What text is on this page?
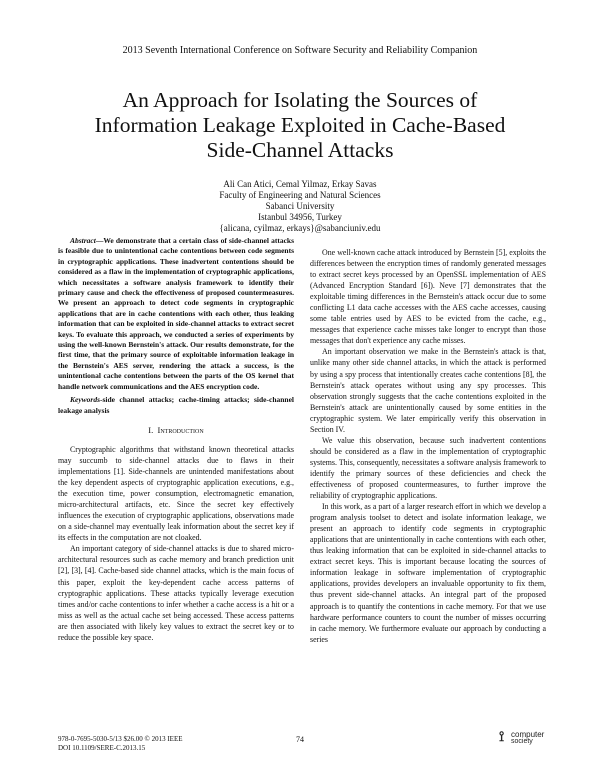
2013 Seventh International Conference on Software Security and Reliability Companion
An Approach for Isolating the Sources of
Information Leakage Exploited in Cache-Based
Side-Channel Attacks
Ali Can Atici, Cemal Yilmaz, Erkay Savas
Faculty of Engineering and Natural Sciences
Sabanci University
Istanbul 34956, Turkey
{alicana, cyilmaz, erkays}@sabanciuniv.edu

Abstract—We demonstrate that a certain class of side-channel attacks is feasible due to unintentional cache contentions between code segments in cryptographic applications. These inadvertent contentions should be considered as a flaw in the implementation of cryptographic applications, which necessitates a software analysis framework to identify their primary cause and check the effectiveness of proposed countermeasures. We present an approach to detect code segments in cryptographic applications that are in cache contentions with each other, thus leaking information that can be exploited in side-channel attacks to extract secret keys. To evaluate this approach, we conducted a series of experiments by using the well-known Bernstein's attack. Our results demonstrate, for the first time, that the primary source of exploitable information leakage in the Bernstein's AES server, rendering the attack a success, is the unintentional cache contentions between the parts of the OS kernel that handle network communications and the AES encryption code.

Keywords-side channel attacks; cache-timing attacks; side-channel leakage analysis

I. Introduction

Cryptographic algorithms that withstand known theoretical attacks may succumb to side-channel attacks due to flaws in their implementations [1]. Side-channels are unintended manifestations about the key dependent aspects of cryptographic application executions, e.g., the execution time, power consumption, electromagnetic emanation, micro-architectural artifacts, etc. Since the secret key effectively influences the execution of cryptographic applications, observations made on a side-channel may eventually leak information about the secret key if its effects in the computation are not cloaked.

An important category of side-channel attacks is due to shared micro-architectural resources such as cache memory and branch prediction unit [2], [3], [4]. Cache-based side channel attacks, which is the main focus of this paper, exploit the key-dependent cache access patterns of cryptographic applications. These attacks typically leverage execution times and/or cache contentions to infer whether a cache access is a hit or a miss as well as the actual cache set being accessed. These access patterns are then associated with likely key values to extract the secret key or to reduce the possible key space.

One well-known cache attack introduced by Bernstein [5], exploits the differences between the encryption times of randomly generated messages to extract secret keys processed by an OpenSSL implementation of AES (Advanced Encryption Standard [6]). Neve [7] demonstrates that the exploitable timing differences in the Bernstein's attack occur due to some conflicting L1 data cache accesses with the AES cache accesses, causing some table entries used by AES to be evicted from the cache, e.g., messages that experience cache misses take longer to encrypt than those messages that don't experience any cache misses.

An important observation we make in the Bernstein's attack is that, unlike many other side channel attacks, in which the attack is performed by using a spy process that intentionally creates cache contentions [8], the Bernstein's attack operates without using any spy processes. This observation strongly suggests that the cache contentions exploited in the Bernstein's attack are unintentionally caused by some entities in the cryptographic system. We later empirically verify this observation in Section IV.

We value this observation, because such inadvertent contentions should be considered as a flaw in the implementation of cryptographic systems. This, consequently, necessitates a software analysis framework to identify the primary sources of these deficiencies and check the effectiveness of proposed countermeasures, to further improve the reliability of cryptographic applications.

In this work, as a part of a larger research effort in which we develop a program analysis toolset to detect and isolate information leakage, we present an approach to identify code segments in cryptographic applications that are unintentionally in cache contentions with each other, thus leaking information that can be exploited in side-channel attacks to extract secret keys. This is important because locating the sources of information leakage in software implementation of cryptographic applications, provides developers an invaluable opportunity to fix them, thus prevent side-channel attacks. An integral part of the proposed approach is to quantify the contentions in cache memory. For that we use hardware performance counters to count the number of misses occurring in cache memory. We furthermore evaluate our approach by conducting a series

978-0-7695-5030-5/13 $26.00 © 2013 IEEE
DOI 10.1109/SERE-C.2013.15
74	⟟ computer
society
